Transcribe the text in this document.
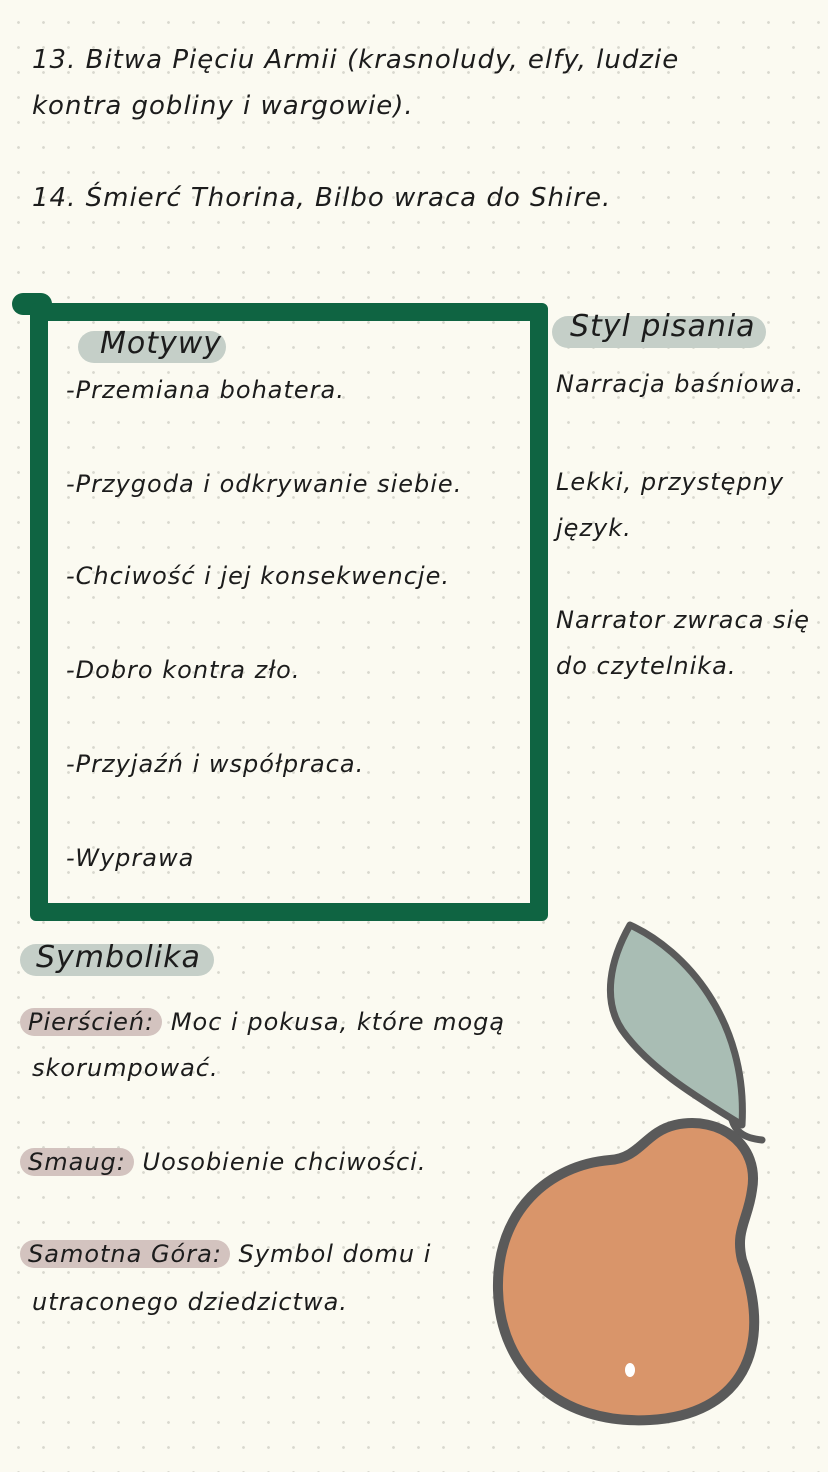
13. Bitwa Pięciu Armii (krasnoludy, elfy, ludzie
kontra gobliny i wargowie).
14. Śmierć Thorina, Bilbo wraca do Shire.
Motywy
-Przemiana bohatera.
-Przygoda i odkrywanie siebie.
-Chciwość i jej konsekwencje.
-Dobro kontra zło.
-Przyjaźń i współpraca.
-Wyprawa
Styl pisania
Narracja baśniowa.
Lekki, przystępny
język.
Narrator zwraca się
do czytelnika.
Symbolika
Pierścień: Moc i pokusa, które mogą
skorumpować.
Smaug: Uosobienie chciwości.
Samotna Góra: Symbol domu i
utraconego dziedzictwa.
